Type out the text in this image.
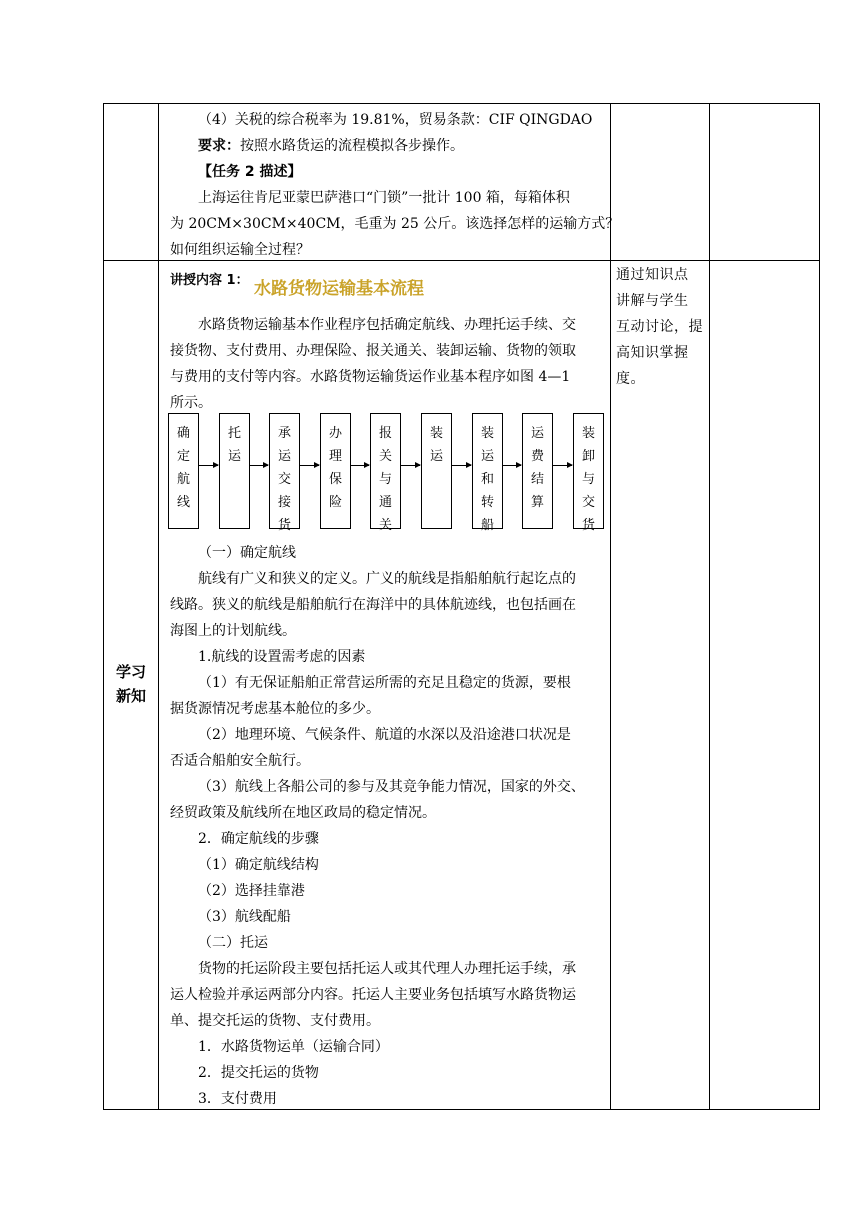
（4）关税的综合税率为 19.81%，贸易条款：CIF QINGDAO
要求：按照水路货运的流程模拟各步操作。
【任务 2 描述】
上海运往肯尼亚蒙巴萨港口“门锁”一批计 100 箱，每箱体积
为 20CM×30CM×40CM，毛重为 25 公斤。该选择怎样的运输方式？
如何组织运输全过程？
学习
新知
讲授内容 1： 水路货物运输基本流程
水路货物运输基本作业程序包括确定航线、办理托运手续、交
接货物、支付费用、办理保险、报关通关、装卸运输、货物的领取
与费用的支付等内容。水路货物运输货运作业基本程序如图 4—1
所示。
确
定
航
线
托
运
承
运
交
接
货
办
理
保
险
报
关
与
通
关
装
运
装
运
和
转
船
运
费
结
算
装
卸
与
交
货
（一）确定航线
航线有广义和狭义的定义。广义的航线是指船舶航行起讫点的
线路。狭义的航线是船舶航行在海洋中的具体航迹线，也包括画在
海图上的计划航线。
1.航线的设置需考虑的因素
（1）有无保证船舶正常营运所需的充足且稳定的货源，要根
据货源情况考虑基本舱位的多少。
（2）地理环境、气候条件、航道的水深以及沿途港口状况是
否适合船舶安全航行。
（3）航线上各船公司的参与及其竞争能力情况，国家的外交、
经贸政策及航线所在地区政局的稳定情况。
2．确定航线的步骤
（1）确定航线结构
（2）选择挂靠港
（3）航线配船
（二）托运
货物的托运阶段主要包括托运人或其代理人办理托运手续，承
运人检验并承运两部分内容。托运人主要业务包括填写水路货物运
单、提交托运的货物、支付费用。
1．水路货物运单（运输合同）
2．提交托运的货物
3．支付费用
通过知识点
讲解与学生
互动讨论，提
高知识掌握
度。
